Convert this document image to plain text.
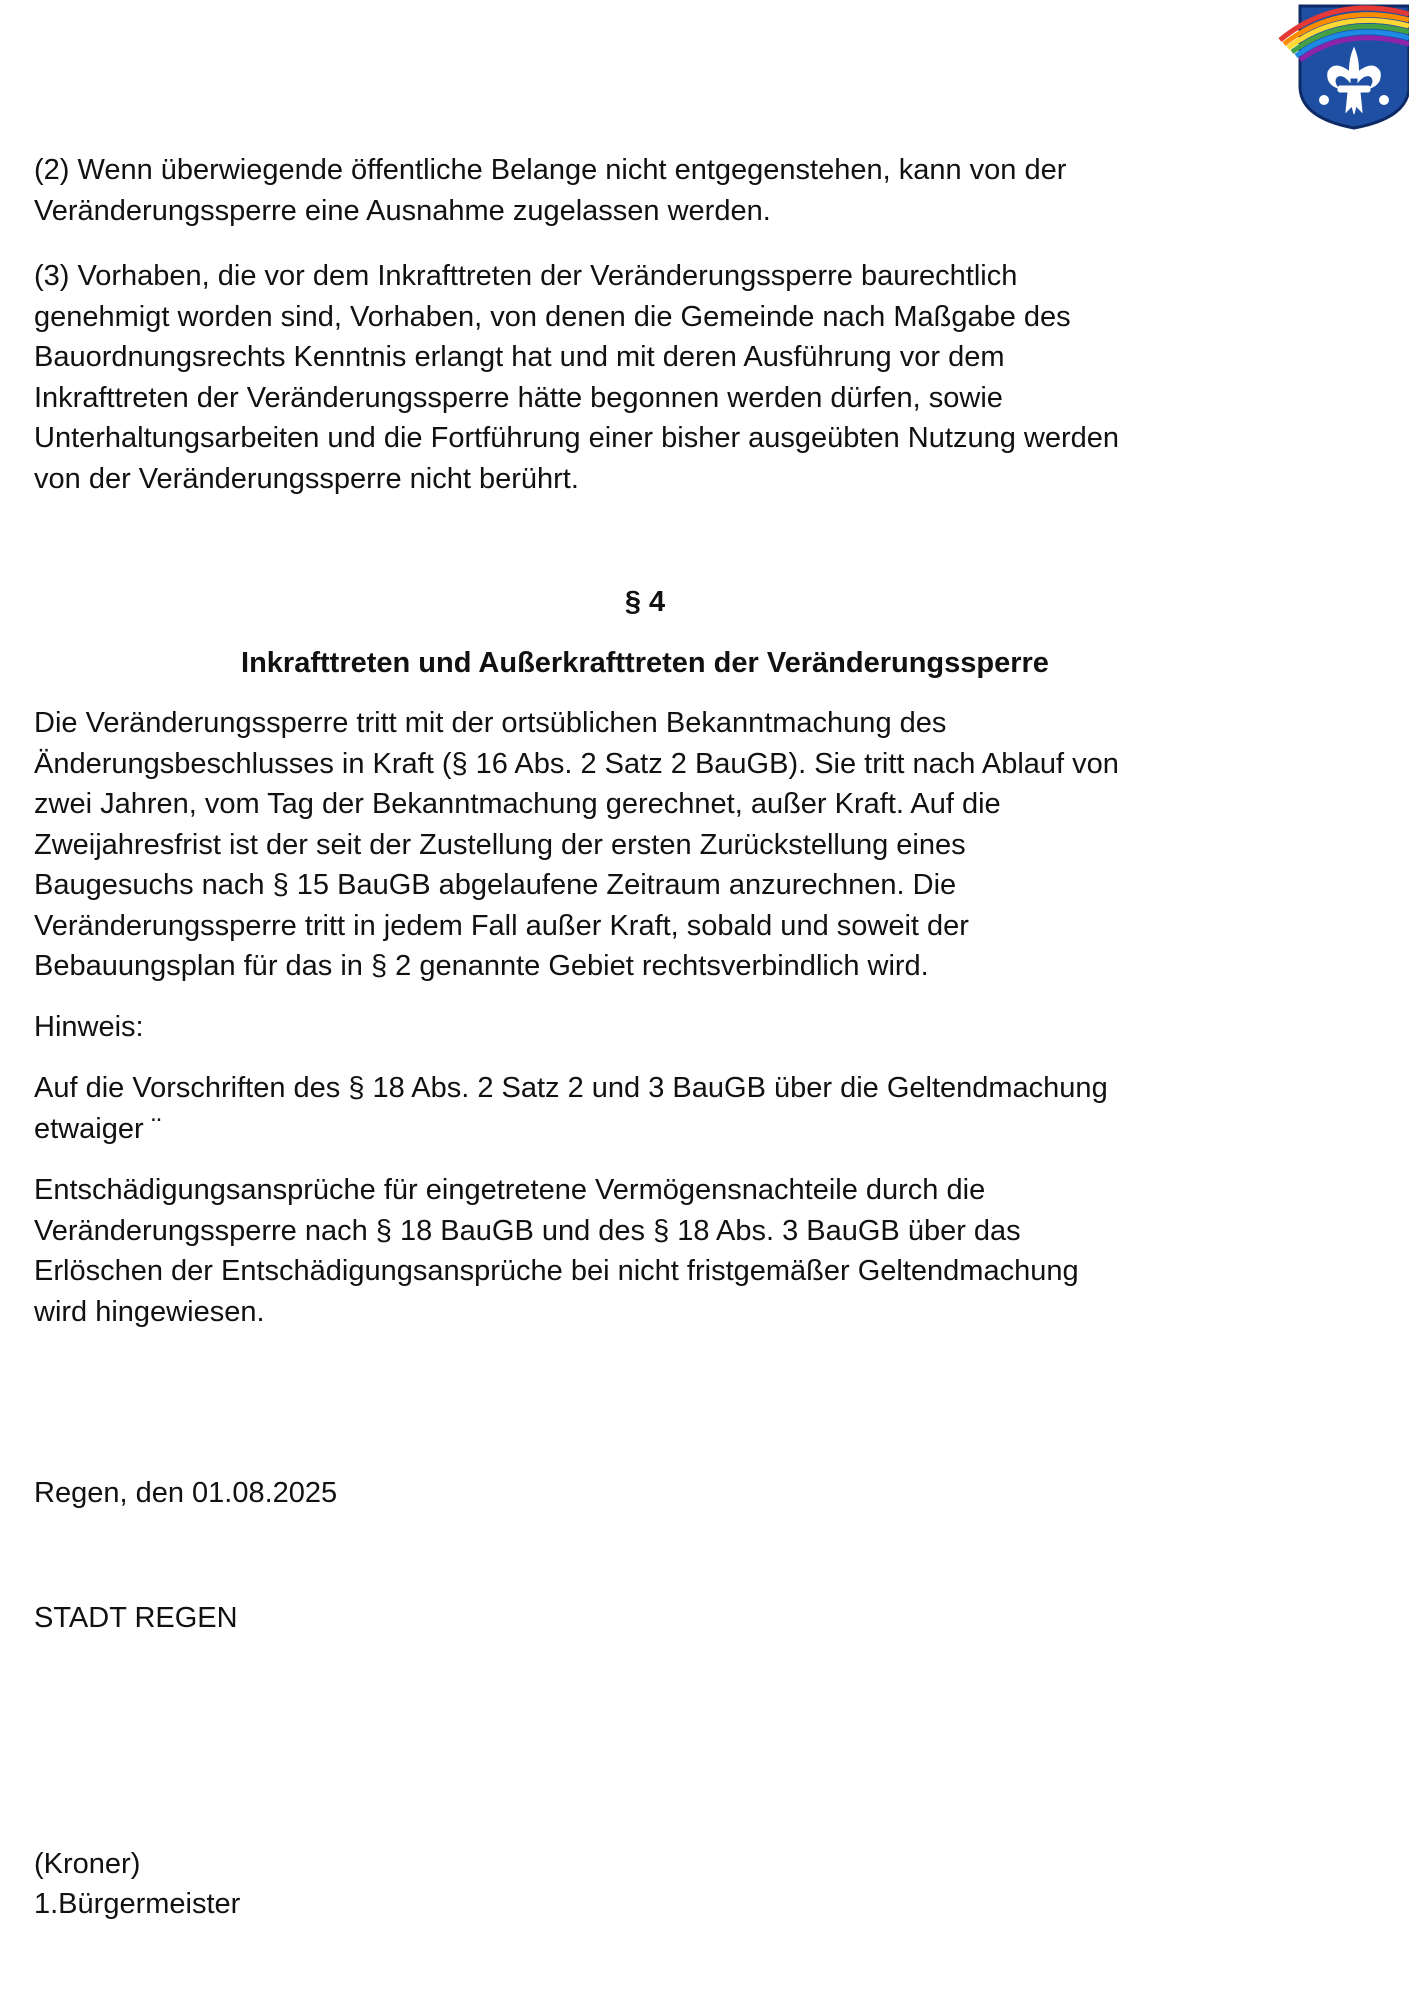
(2) Wenn überwiegende öffentliche Belange nicht entgegenstehen, kann von der
Veränderungssperre eine Ausnahme zugelassen werden.
(3) Vorhaben, die vor dem Inkrafttreten der Veränderungssperre baurechtlich
genehmigt worden sind, Vorhaben, von denen die Gemeinde nach Maßgabe des
Bauordnungsrechts Kenntnis erlangt hat und mit deren Ausführung vor dem
Inkrafttreten der Veränderungssperre hätte begonnen werden dürfen, sowie
Unterhaltungsarbeiten und die Fortführung einer bisher ausgeübten Nutzung werden
von der Veränderungssperre nicht berührt.
§ 4
Inkrafttreten und Außerkrafttreten der Veränderungssperre
Die Veränderungssperre tritt mit der ortsüblichen Bekanntmachung des
Änderungsbeschlusses in Kraft (§ 16 Abs. 2 Satz 2 BauGB). Sie tritt nach Ablauf von
zwei Jahren, vom Tag der Bekanntmachung gerechnet, außer Kraft. Auf die
Zweijahresfrist ist der seit der Zustellung der ersten Zurückstellung eines
Baugesuchs nach § 15 BauGB abgelaufene Zeitraum anzurechnen. Die
Veränderungssperre tritt in jedem Fall außer Kraft, sobald und soweit der
Bebauungsplan für das in § 2 genannte Gebiet rechtsverbindlich wird.
Hinweis:
Auf die Vorschriften des § 18 Abs. 2 Satz 2 und 3 BauGB über die Geltendmachung
etwaiger ¨
Entschädigungsansprüche für eingetretene Vermögensnachteile durch die
Veränderungssperre nach § 18 BauGB und des § 18 Abs. 3 BauGB über das
Erlöschen der Entschädigungsansprüche bei nicht fristgemäßer Geltendmachung
wird hingewiesen.
Regen, den 01.08.2025
STADT REGEN
(Kroner)
1.Bürgermeister
